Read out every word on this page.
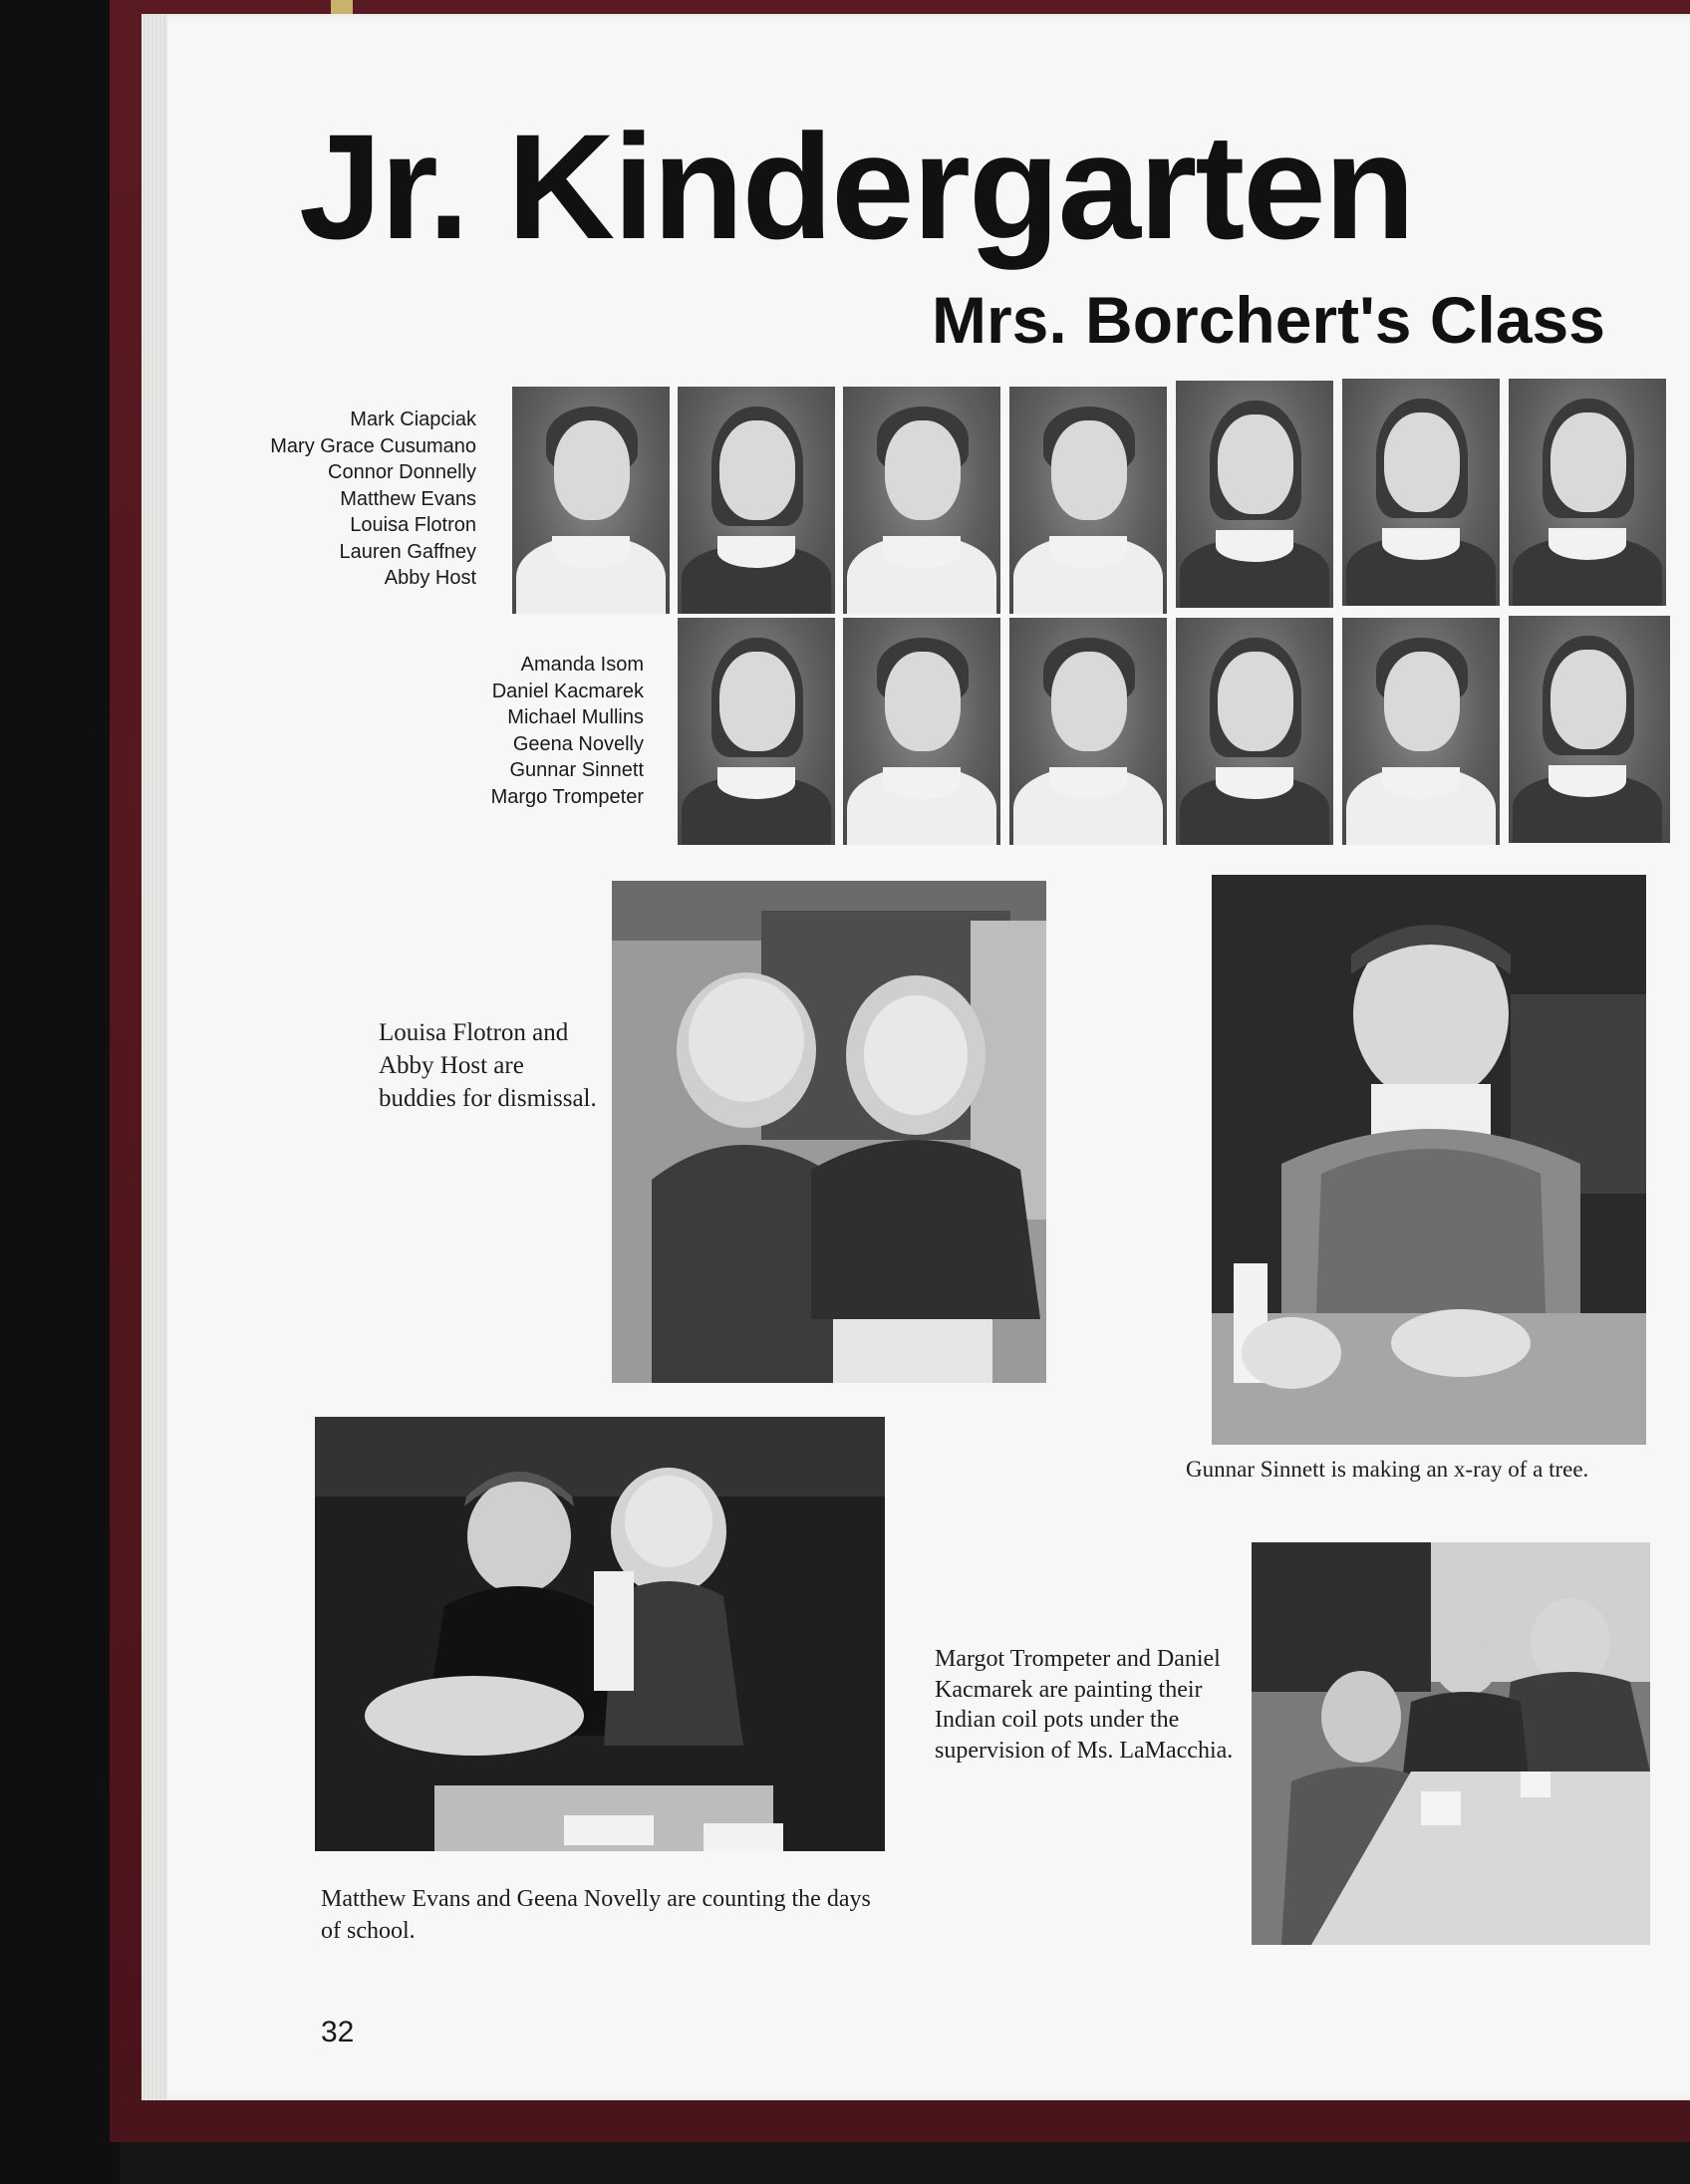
Jr. Kindergarten
Mrs. Borchert's Class
Mark Ciapciak
Mary Grace Cusumano
Connor Donnelly
Matthew Evans
Louisa Flotron
Lauren Gaffney
Abby Host
Amanda Isom
Daniel Kacmarek
Michael Mullins
Geena Novelly
Gunnar Sinnett
Margo Trompeter
Louisa Flotron and Abby Host are buddies for dismissal.
Gunnar Sinnett is making an x-ray of a tree.
Margot Trompeter and Daniel Kacmarek are painting their Indian coil pots under the supervision of Ms. LaMacchia.
Matthew Evans and Geena Novelly are counting the days of school.
32
